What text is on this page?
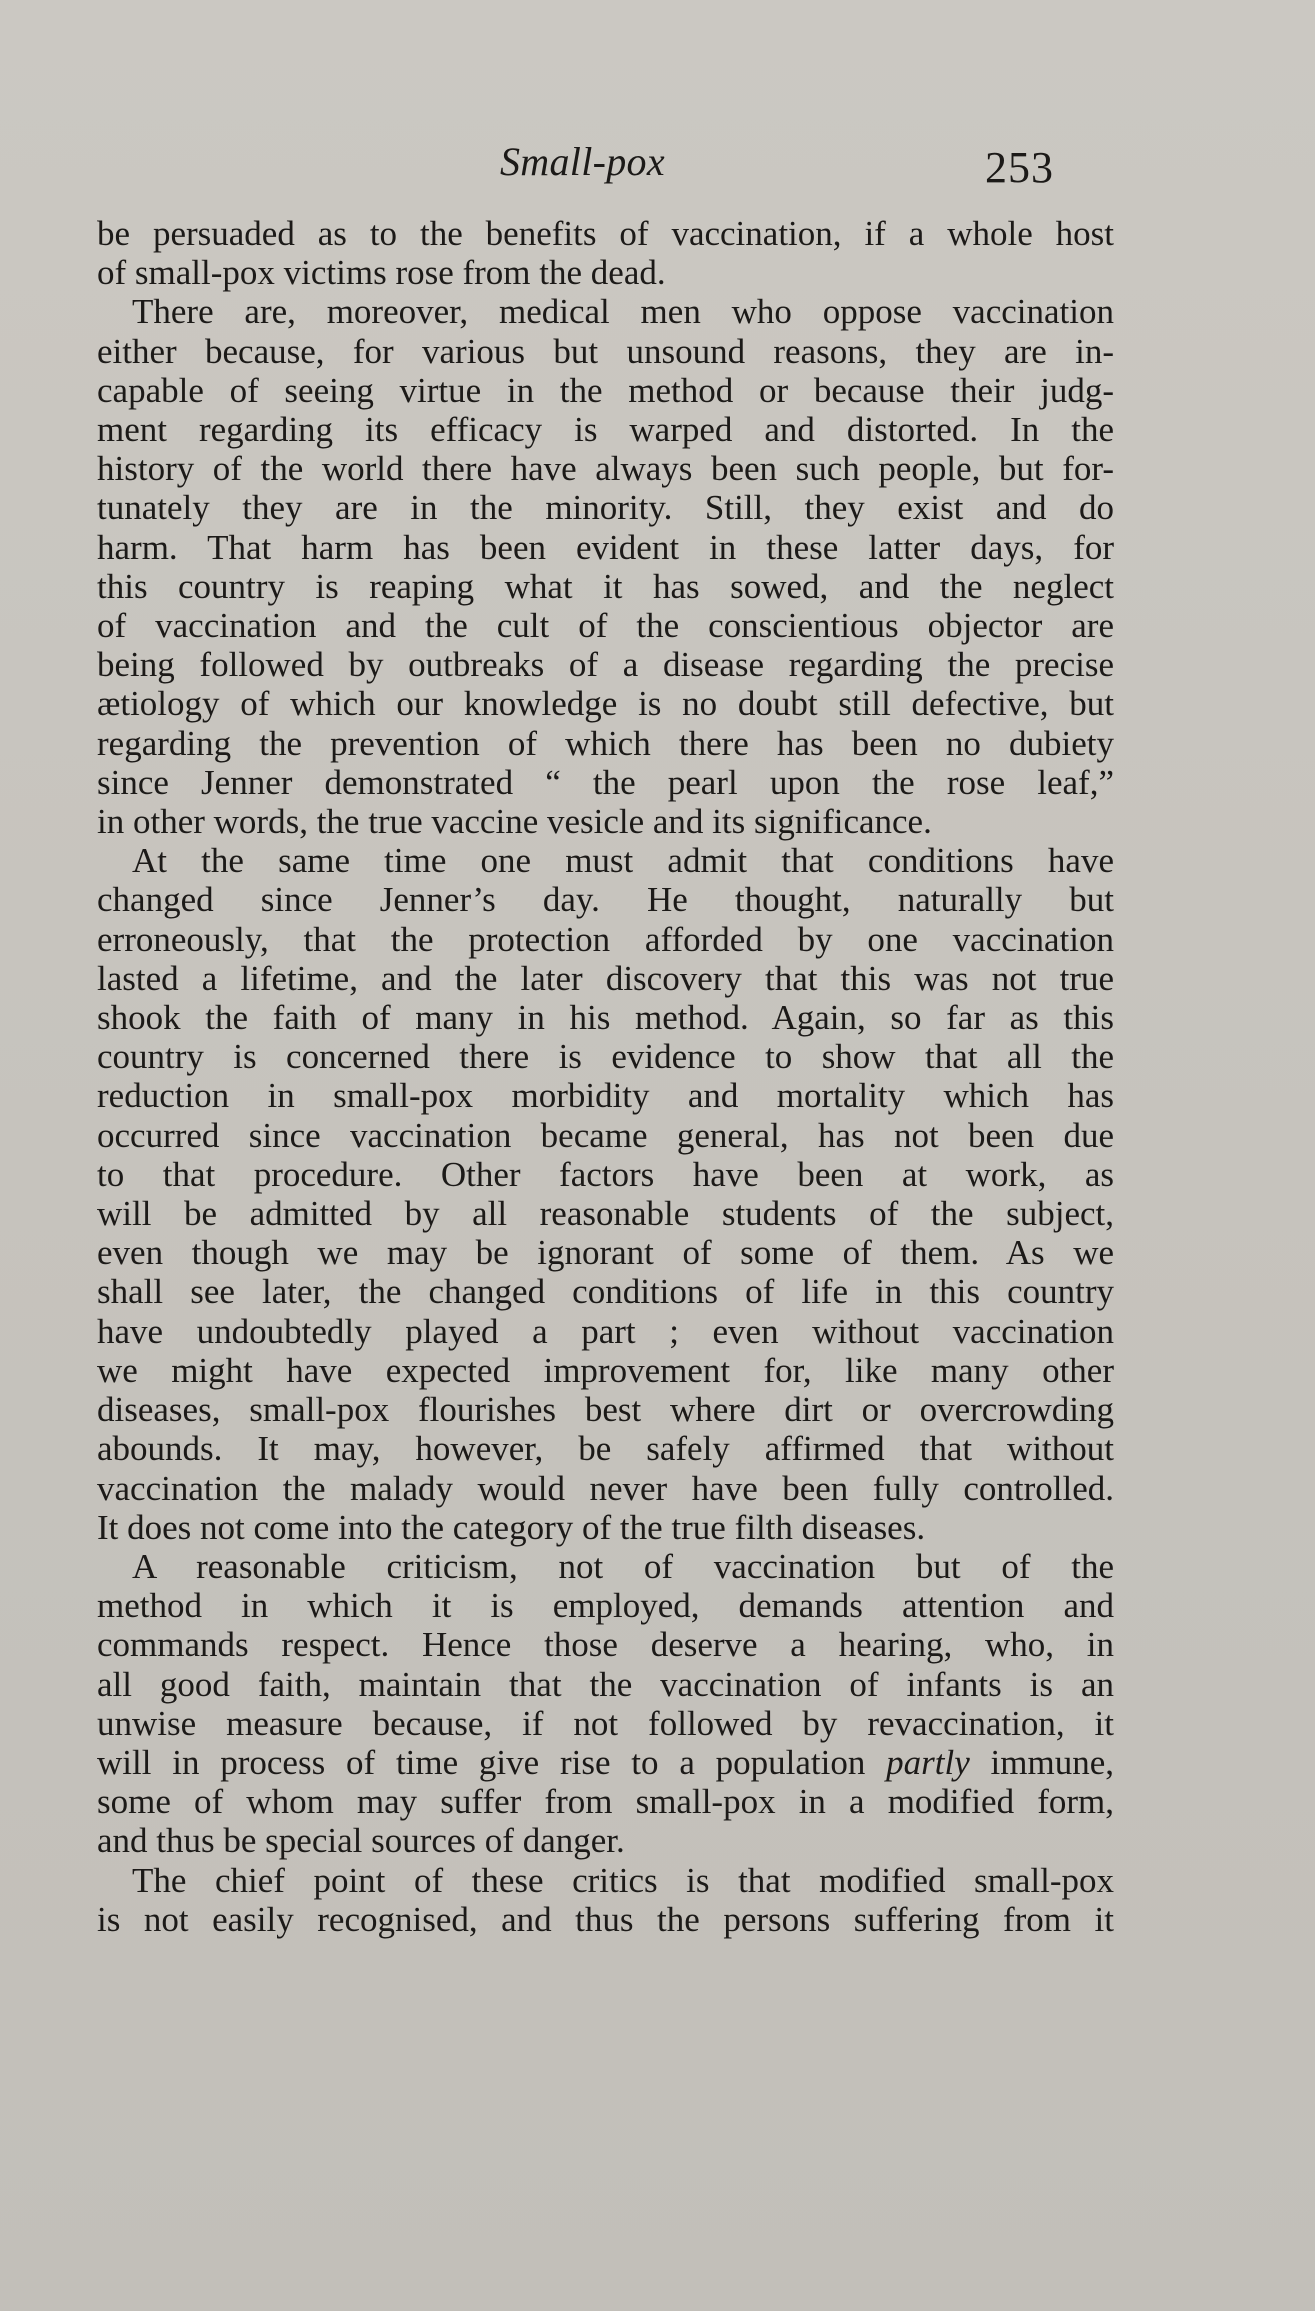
Small-pox	253

be persuaded as to the benefits of vaccination, if a whole host
of small-pox victims rose from the dead.

There are, moreover, medical men who oppose vaccination
either because, for various but unsound reasons, they are in-
capable of seeing virtue in the method or because their judg-
ment regarding its efficacy is warped and distorted. In the
history of the world there have always been such people, but for-
tunately they are in the minority. Still, they exist and do
harm. That harm has been evident in these latter days, for
this country is reaping what it has sowed, and the neglect
of vaccination and the cult of the conscientious objector are
being followed by outbreaks of a disease regarding the precise
ætiology of which our knowledge is no doubt still defective, but
regarding the prevention of which there has been no dubiety
since Jenner demonstrated “ the pearl upon the rose leaf,”
in other words, the true vaccine vesicle and its significance.

At the same time one must admit that conditions have
changed since Jenner’s day. He thought, naturally but
erroneously, that the protection afforded by one vaccination
lasted a lifetime, and the later discovery that this was not true
shook the faith of many in his method. Again, so far as this
country is concerned there is evidence to show that all the
reduction in small-pox morbidity and mortality which has
occurred since vaccination became general, has not been due
to that procedure. Other factors have been at work, as
will be admitted by all reasonable students of the subject,
even though we may be ignorant of some of them. As we
shall see later, the changed conditions of life in this country
have undoubtedly played a part ; even without vaccination
we might have expected improvement for, like many other
diseases, small-pox flourishes best where dirt or overcrowding
abounds. It may, however, be safely affirmed that without
vaccination the malady would never have been fully controlled.
It does not come into the category of the true filth diseases.

A reasonable criticism, not of vaccination but of the
method in which it is employed, demands attention and
commands respect. Hence those deserve a hearing, who, in
all good faith, maintain that the vaccination of infants is an
unwise measure because, if not followed by revaccination, it
will in process of time give rise to a population partly immune,
some of whom may suffer from small-pox in a modified form,
and thus be special sources of danger.

The chief point of these critics is that modified small-pox
is not easily recognised, and thus the persons suffering from it
